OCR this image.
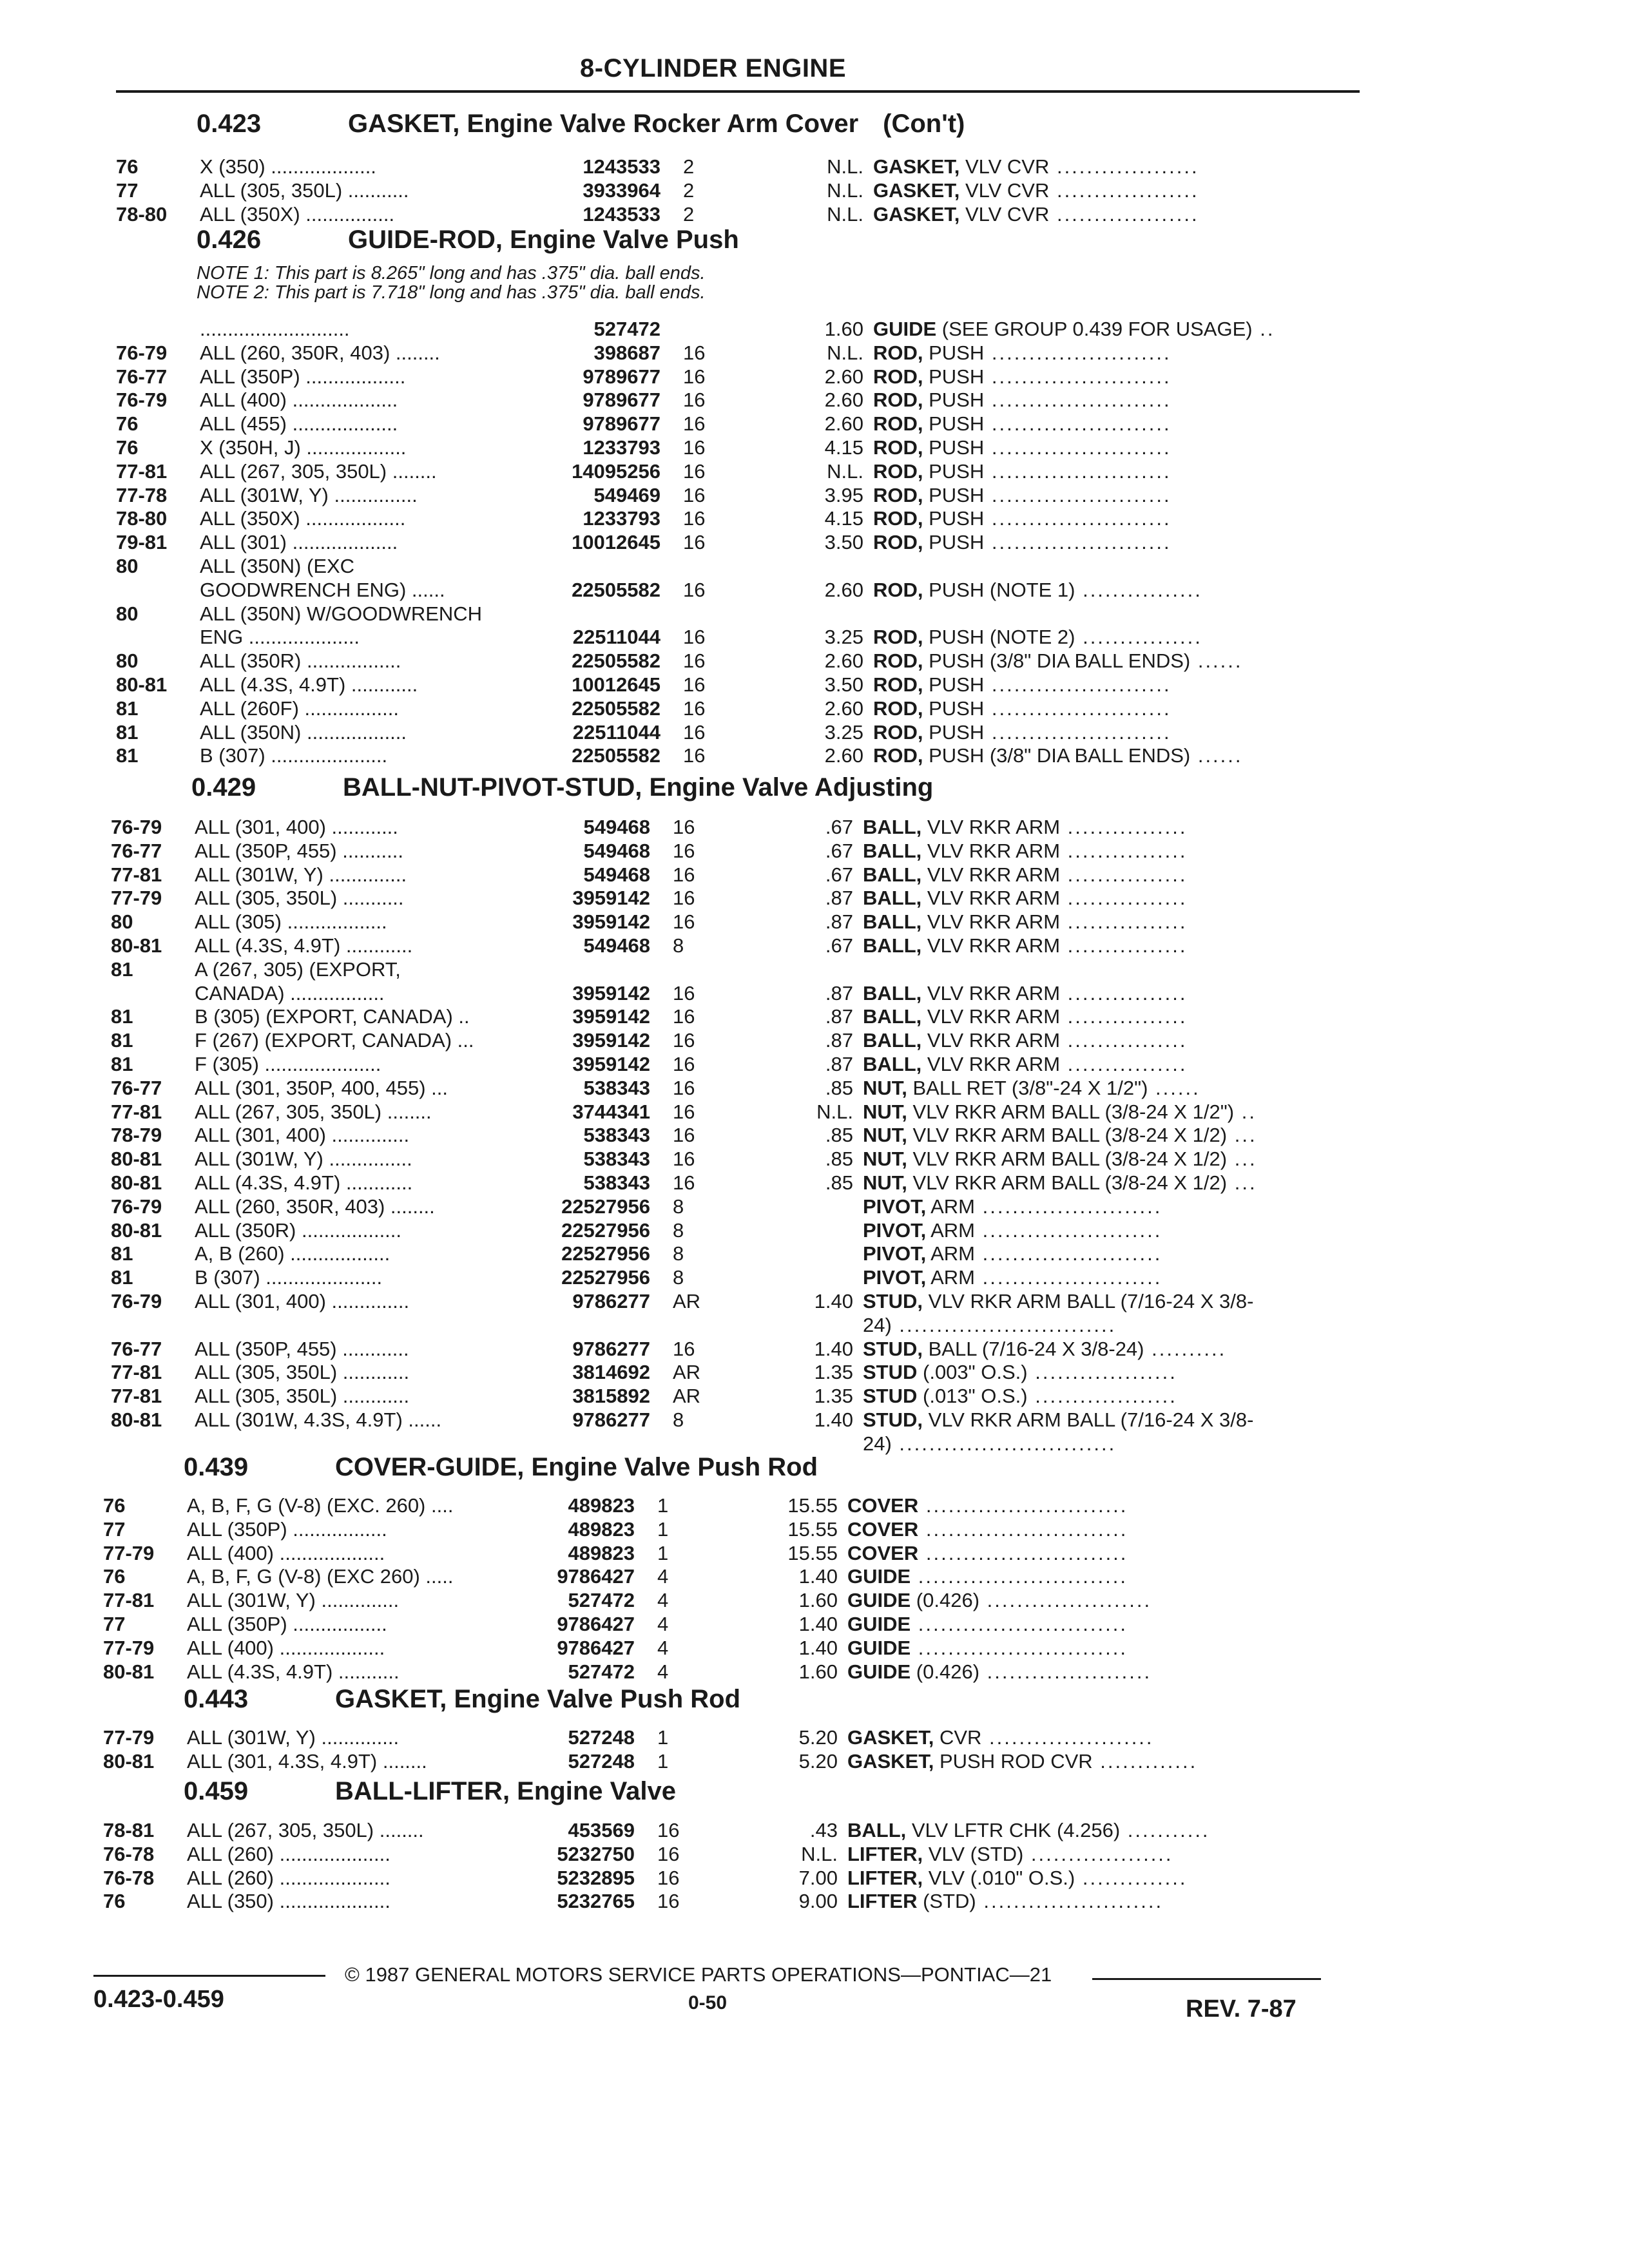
8-CYLINDER ENGINE
0.423	GASKET, Engine Valve Rocker Arm Cover (Con't)
76	X (350) ...................	1243533 2	N.L. GASKET, VLV CVR ...................
77	ALL (305, 350L) ...........	3933964 2	N.L. GASKET, VLV CVR ...................
78-80 ALL (350X) ................	1243533 2	N.L. GASKET, VLV CVR ...................
0.426	GUIDE-ROD, Engine Valve Push
NOTE 1: This part is 8.265" long and has .375" dia. ball ends.
NOTE 2: This part is 7.718" long and has .375" dia. ball ends.
...........................	527472	1.60 GUIDE (SEE GROUP 0.439 FOR USAGE) ..
76-79 ALL (260, 350R, 403) ........	398687 16	N.L. ROD, PUSH ........................
76-77 ALL (350P) ..................	9789677 16	2.60 ROD, PUSH ........................
76-79 ALL (400) ...................	9789677 16	2.60 ROD, PUSH ........................
76	ALL (455) ...................	9789677 16	2.60 ROD, PUSH ........................
76	X (350H, J) ..................	1233793 16	4.15 ROD, PUSH ........................
77-81 ALL (267, 305, 350L) ........	14095256 16	N.L. ROD, PUSH ........................
77-78 ALL (301W, Y) ...............	549469 16	3.95 ROD, PUSH ........................
78-80 ALL (350X) ..................	1233793 16	4.15 ROD, PUSH ........................
79-81 ALL (301) ...................	10012645 16	3.50 ROD, PUSH ........................
80	ALL (350N) (EXC
GOODWRENCH ENG) ......	22505582 16	2.60 ROD, PUSH (NOTE 1) ................
80	ALL (350N) W/GOODWRENCH
ENG ....................	22511044 16	3.25 ROD, PUSH (NOTE 2) ................
80	ALL (350R) .................	22505582 16	2.60 ROD, PUSH (3/8" DIA BALL ENDS) ......
80-81 ALL (4.3S, 4.9T) ............	10012645 16	3.50 ROD, PUSH ........................
81	ALL (260F) .................	22505582 16	2.60 ROD, PUSH ........................
81	ALL (350N) ..................	22511044 16	3.25 ROD, PUSH ........................
81	B (307) .....................	22505582 16	2.60 ROD, PUSH (3/8" DIA BALL ENDS) ......
0.429	BALL-NUT-PIVOT-STUD, Engine Valve Adjusting
76-79 ALL (301, 400) ............	549468 16	.67 BALL, VLV RKR ARM ................
76-77 ALL (350P, 455) ...........	549468 16	.67 BALL, VLV RKR ARM ................
77-81 ALL (301W, Y) ..............	549468 16	.67 BALL, VLV RKR ARM ................
77-79 ALL (305, 350L) ...........	3959142 16	.87 BALL, VLV RKR ARM ................
80	ALL (305) ..................	3959142 16	.87 BALL, VLV RKR ARM ................
80-81 ALL (4.3S, 4.9T) ............	549468 8	.67 BALL, VLV RKR ARM ................
81	A (267, 305) (EXPORT,
CANADA) .................	3959142 16	.87 BALL, VLV RKR ARM ................
81	B (305) (EXPORT, CANADA) ..	3959142 16	.87 BALL, VLV RKR ARM ................
81	F (267) (EXPORT, CANADA) ...	3959142 16	.87 BALL, VLV RKR ARM ................
81	F (305) .....................	3959142 16	.87 BALL, VLV RKR ARM ................
76-77 ALL (301, 350P, 400, 455) ...	538343 16	.85 NUT, BALL RET (3/8"-24 X 1/2") ......
77-81 ALL (267, 305, 350L) ........	3744341 16	N.L. NUT, VLV RKR ARM BALL (3/8-24 X 1/2") ..
78-79 ALL (301, 400) ..............	538343 16	.85 NUT, VLV RKR ARM BALL (3/8-24 X 1/2) ...
80-81 ALL (301W, Y) ...............	538343 16	.85 NUT, VLV RKR ARM BALL (3/8-24 X 1/2) ...
80-81 ALL (4.3S, 4.9T) ............	538343 16	.85 NUT, VLV RKR ARM BALL (3/8-24 X 1/2) ...
76-79 ALL (260, 350R, 403) ........	22527956 8	PIVOT, ARM ........................
80-81 ALL (350R) ..................	22527956 8	PIVOT, ARM ........................
81	A, B (260) ..................	22527956 8	PIVOT, ARM ........................
81	B (307) .....................	22527956 8	PIVOT, ARM ........................
76-79 ALL (301, 400) ..............	9786277 AR	1.40 STUD, VLV RKR ARM BALL (7/16-24 X 3/8-
24) .............................
76-77 ALL (350P, 455) ............	9786277 16	1.40 STUD, BALL (7/16-24 X 3/8-24) ..........
77-81 ALL (305, 350L) ............	3814692 AR	1.35 STUD (.003" O.S.) ...................
77-81 ALL (305, 350L) ............	3815892 AR	1.35 STUD (.013" O.S.) ...................
80-81 ALL (301W, 4.3S, 4.9T) ......	9786277 8	1.40 STUD, VLV RKR ARM BALL (7/16-24 X 3/8-
24) .............................
0.439	COVER-GUIDE, Engine Valve Push Rod
76	A, B, F, G (V-8) (EXC. 260) ....	489823 1	15.55 COVER ...........................
77	ALL (350P) .................	489823 1	15.55 COVER ...........................
77-79 ALL (400) ...................	489823 1	15.55 COVER ...........................
76	A, B, F, G (V-8) (EXC 260) .....	9786427 4	1.40 GUIDE ............................
77-81 ALL (301W, Y) ..............	527472 4	1.60 GUIDE (0.426) ......................
77	ALL (350P) .................	9786427 4	1.40 GUIDE ............................
77-79 ALL (400) ...................	9786427 4	1.40 GUIDE ............................
80-81 ALL (4.3S, 4.9T) ...........	527472 4	1.60 GUIDE (0.426) ......................
0.443	GASKET, Engine Valve Push Rod
77-79 ALL (301W, Y) ..............	527248 1	5.20 GASKET, CVR ......................
80-81 ALL (301, 4.3S, 4.9T) ........	527248 1	5.20 GASKET, PUSH ROD CVR .............
0.459	BALL-LIFTER, Engine Valve
78-81 ALL (267, 305, 350L) ........	453569 16	.43 BALL, VLV LFTR CHK (4.256) ...........
76-78 ALL (260) ....................	5232750 16	N.L. LIFTER, VLV (STD) ...................
76-78 ALL (260) ....................	5232895 16	7.00 LIFTER, VLV (.010" O.S.) ..............
76	ALL (350) ....................	5232765 16	9.00 LIFTER (STD) ........................
© 1987 GENERAL MOTORS SERVICE PARTS OPERATIONS—PONTIAC—21
0.423-0.459	0-50	REV. 7-87
